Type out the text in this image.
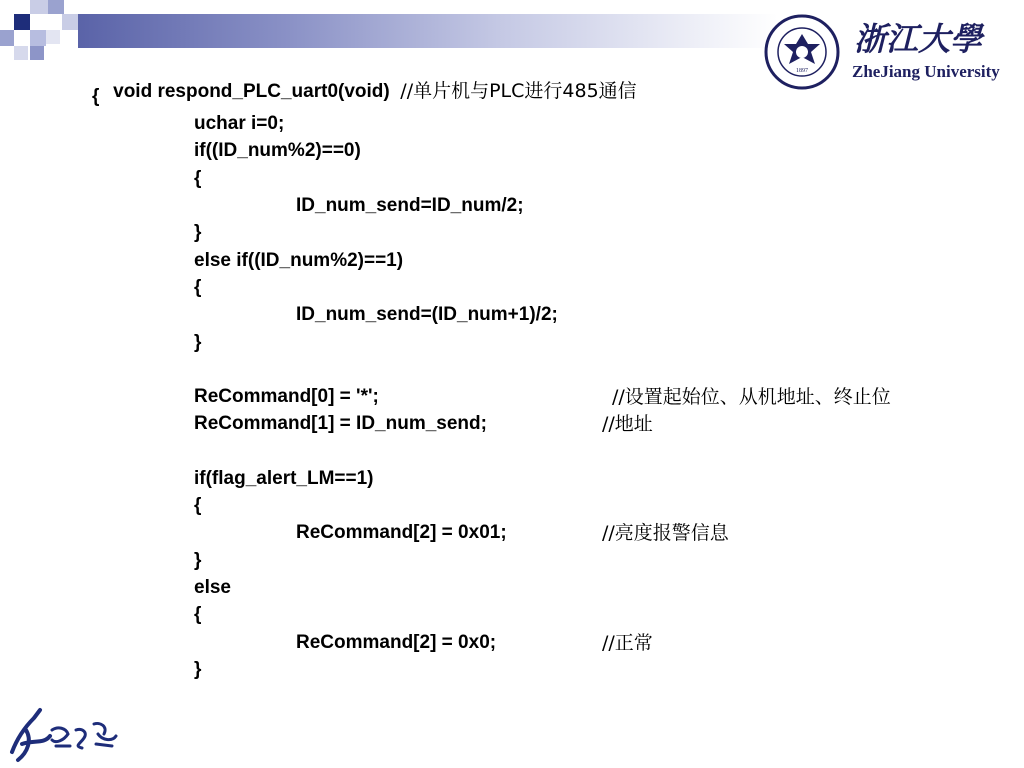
1897
浙江大學
ZheJiang University

void respond_PLC_uart0(void) //单片机与PLC进行485通信

{
uchar i=0;
if((ID_num%2)==0)
{
ID_num_send=ID_num/2;
}
else if((ID_num%2)==1)
{
ID_num_send=(ID_num+1)/2;
}
ReCommand[0] = '*';	//设置起始位、从机地址、终止位
ReCommand[1] = ID_num_send;	//地址
if(flag_alert_LM==1)
{
ReCommand[2] = 0x01;	//亮度报警信息
}
else
{
ReCommand[2] = 0x0;	//正常
}
